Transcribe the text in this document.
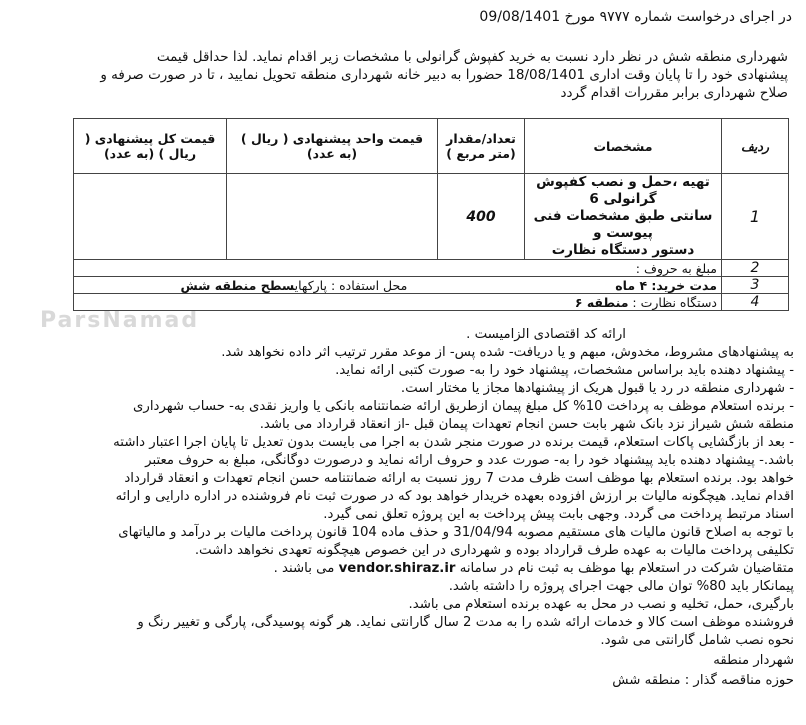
ParsNamad
در اجرای درخواست شماره ۹۷۷۷ مورخ 09/08/1401
شهرداری منطقه شش در نظر دارد نسبت به خرید کفپوش گرانولی با مشخصات زیر اقدام نماید. لذا حداقل قیمت
پیشنهادی خود را تا پایان وقت اداری 18/08/1401 حضورا به دبیر خانه شهرداری منطقه تحویل نمایید ، تا در صورت صرفه و
صلاح شهرداری برابر مقررات اقدام گردد
ردیف	مشخصات	تعداد/مقدار (متر مربع )	قیمت واحد پیشنهادی ( ریال ) (به عدد)	قیمت کل پیشنهادی ( ریال ) (به عدد)
1	تهیه ،حمل و نصب کفپوش گرانولی 6
سانتی طبق مشخصات فنی پیوست و
دستور دستگاه نظارت	400		
2	مبلغ به حروف :			
3	مدت خرید: ۴ ماه  محل استفاده : پارکهایسطح منطقه شش			
4	دستگاه نظارت : منطقه ۶			
ارائه کد اقتصادی الزامیست .
به پیشنهادهای مشروط، مخدوش، مبهم و یا دریافت- شده پس- از موعد مقرر ترتیب اثر داده نخواهد شد.
- پیشنهاد دهنده باید براساس مشخصات، پیشنهاد خود را به- صورت کتبی ارائه نماید.
- شهرداری منطقه در رد یا قبول هریک از پیشنهادها مجاز یا مختار است.
- برنده استعلام موظف به پرداخت 10% کل مبلغ پیمان ازطریق ارائه ضمانتنامه بانکی یا واریز نقدی به- حساب شهرداری
منطقه شش شیراز نزد بانک شهر بابت حسن انجام تعهدات پیمان قبل -از انعقاد قرارداد می باشد.
- بعد از بازگشایی پاکات استعلام، قیمت برنده در صورت منجر شدن به اجرا می بایست بدون تعدیل تا پایان اجرا اعتبار داشته
باشد.- پیشنهاد دهنده باید پیشنهاد خود را به- صورت عدد و حروف ارائه نماید و درصورت دوگانگی، مبلغ به حروف معتبر
خواهد بود. برنده استعلام بها موظف است ظرف مدت 7 روز نسبت به ارائه ضمانتنامه حسن انجام تعهدات و انعقاد قرارداد
اقدام نماید. هیچگونه مالیات بر ارزش افزوده بعهده خریدار خواهد بود که در صورت ثبت نام فروشنده در اداره دارایی و ارائه
اسناد مرتبط پرداخت می گردد. وجهی بابت پیش پرداخت به این پروژه تعلق نمی گیرد.
با توجه به اصلاح قانون مالیات های مستقیم مصوبه 31/04/94 و حذف ماده 104 قانون پرداخت مالیات بر درآمد و مالیاتهای
تکلیفی پرداخت مالیات به عهده طرف قرارداد بوده و شهرداری در این خصوص هیچگونه تعهدی نخواهد داشت.
متقاضیان شرکت در استعلام بها موظف به ثبت نام در سامانه vendor.shiraz.ir می باشند .
پیمانکار باید 80% توان مالی جهت اجرای پروژه را داشته باشد.
بارگیری، حمل، تخلیه و نصب در محل به عهده برنده استعلام می باشد.
فروشنده موظف است کالا و خدمات ارائه شده را به مدت 2 سال گارانتی نماید. هر گونه پوسیدگی، پارگی و تغییر رنگ و
نحوه نصب شامل گارانتی می شود.
شهردار منطقه
حوزه مناقصه گذار : منطقه شش
